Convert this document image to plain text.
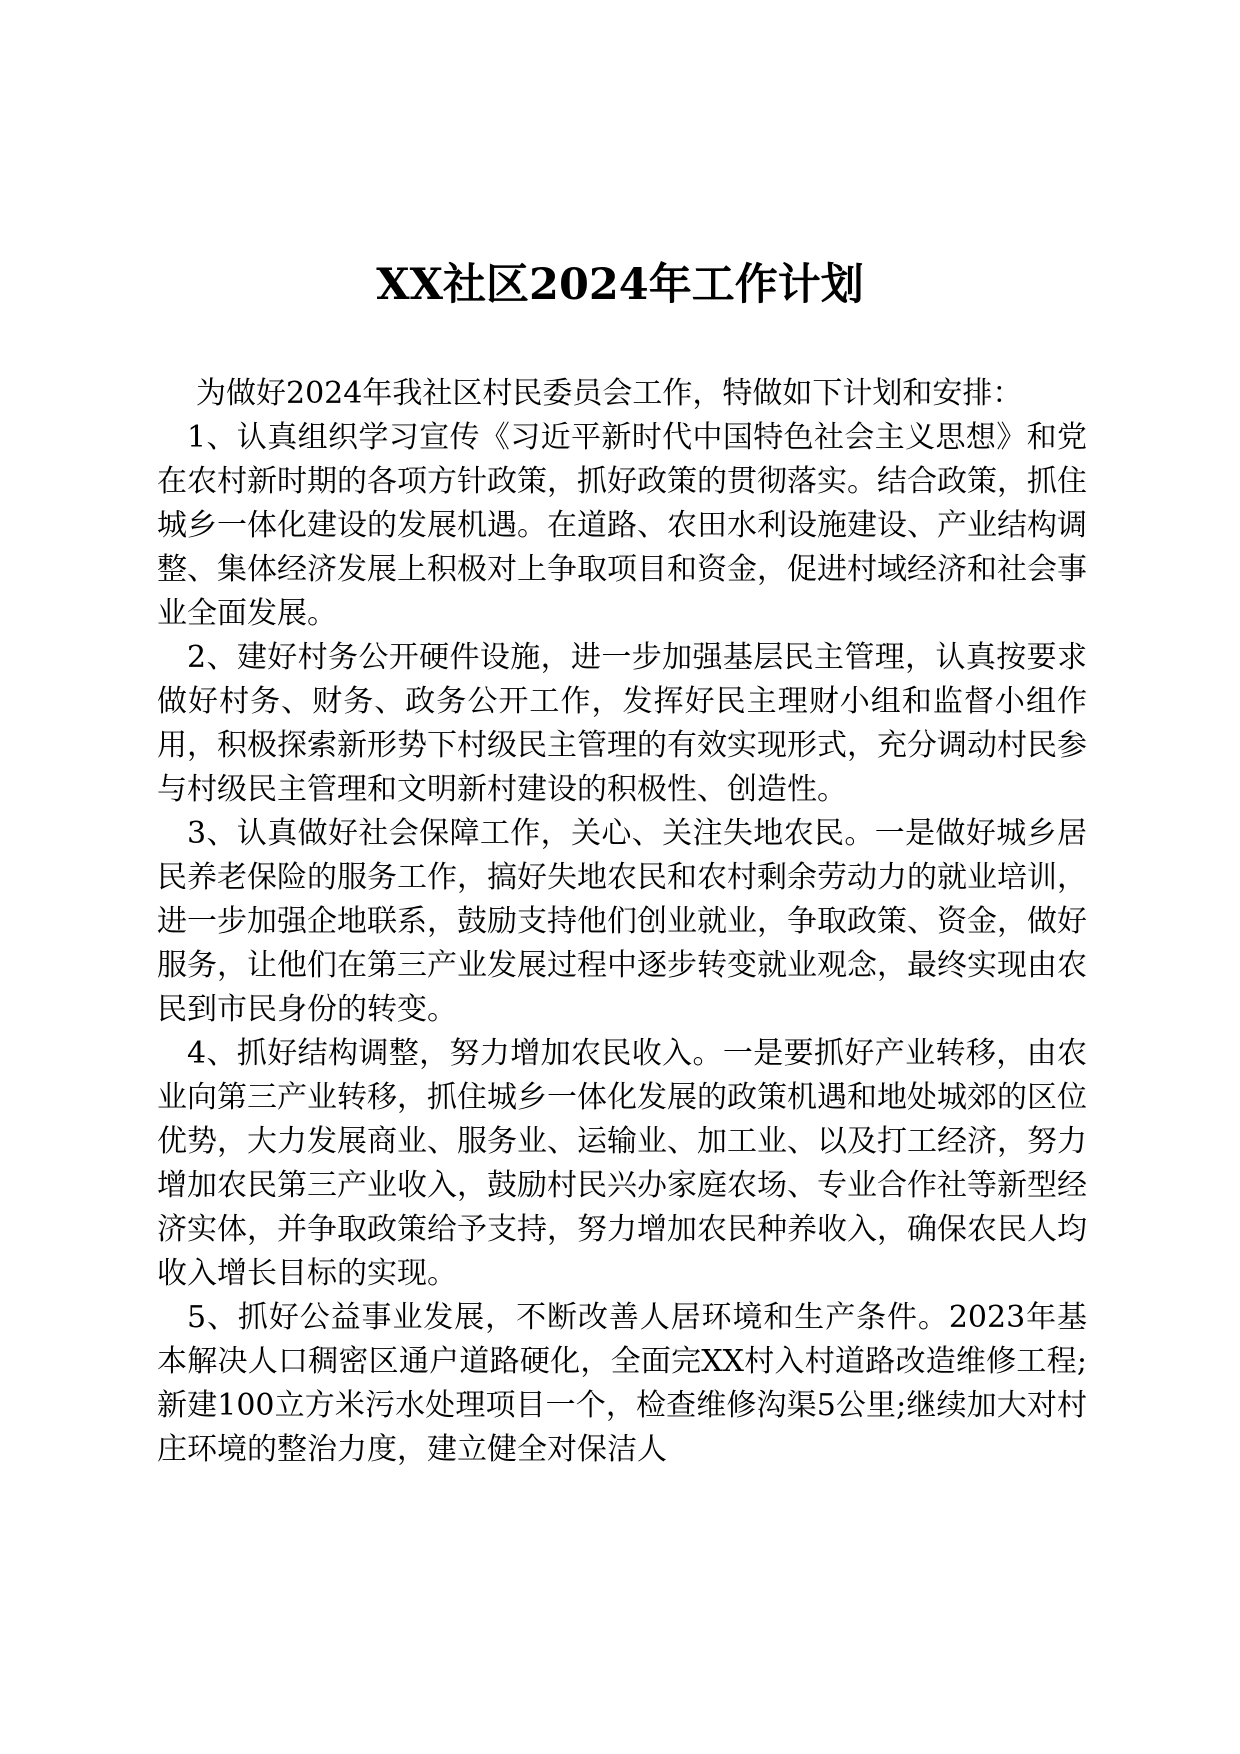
XX社区2024年工作计划

为做好2024年我社区村民委员会工作，特做如下计划和安排：

1、认真组织学习宣传《习近平新时代中国特色社会主义思想》和党在农村新时期的各项方针政策，抓好政策的贯彻落实。结合政策，抓住城乡一体化建设的发展机遇。在道路、农田水利设施建设、产业结构调整、集体经济发展上积极对上争取项目和资金，促进村域经济和社会事业全面发展。

2、建好村务公开硬件设施，进一步加强基层民主管理，认真按要求做好村务、财务、政务公开工作，发挥好民主理财小组和监督小组作用，积极探索新形势下村级民主管理的有效实现形式，充分调动村民参与村级民主管理和文明新村建设的积极性、创造性。

3、认真做好社会保障工作，关心、关注失地农民。一是做好城乡居民养老保险的服务工作，搞好失地农民和农村剩余劳动力的就业培训，进一步加强企地联系，鼓励支持他们创业就业，争取政策、资金，做好服务，让他们在第三产业发展过程中逐步转变就业观念，最终实现由农民到市民身份的转变。

4、抓好结构调整，努力增加农民收入。一是要抓好产业转移，由农业向第三产业转移，抓住城乡一体化发展的政策机遇和地处城郊的区位优势，大力发展商业、服务业、运输业、加工业、以及打工经济，努力增加农民第三产业收入，鼓励村民兴办家庭农场、专业合作社等新型经济实体，并争取政策给予支持，努力增加农民种养收入，确保农民人均收入增长目标的实现。

5、抓好公益事业发展，不断改善人居环境和生产条件。2023年基本解决人口稠密区通户道路硬化，全面完XX村入村道路改造维修工程;新建100立方米污水处理项目一个，检查维修沟渠5公里;继续加大对村庄环境的整治力度，建立健全对保洁人
